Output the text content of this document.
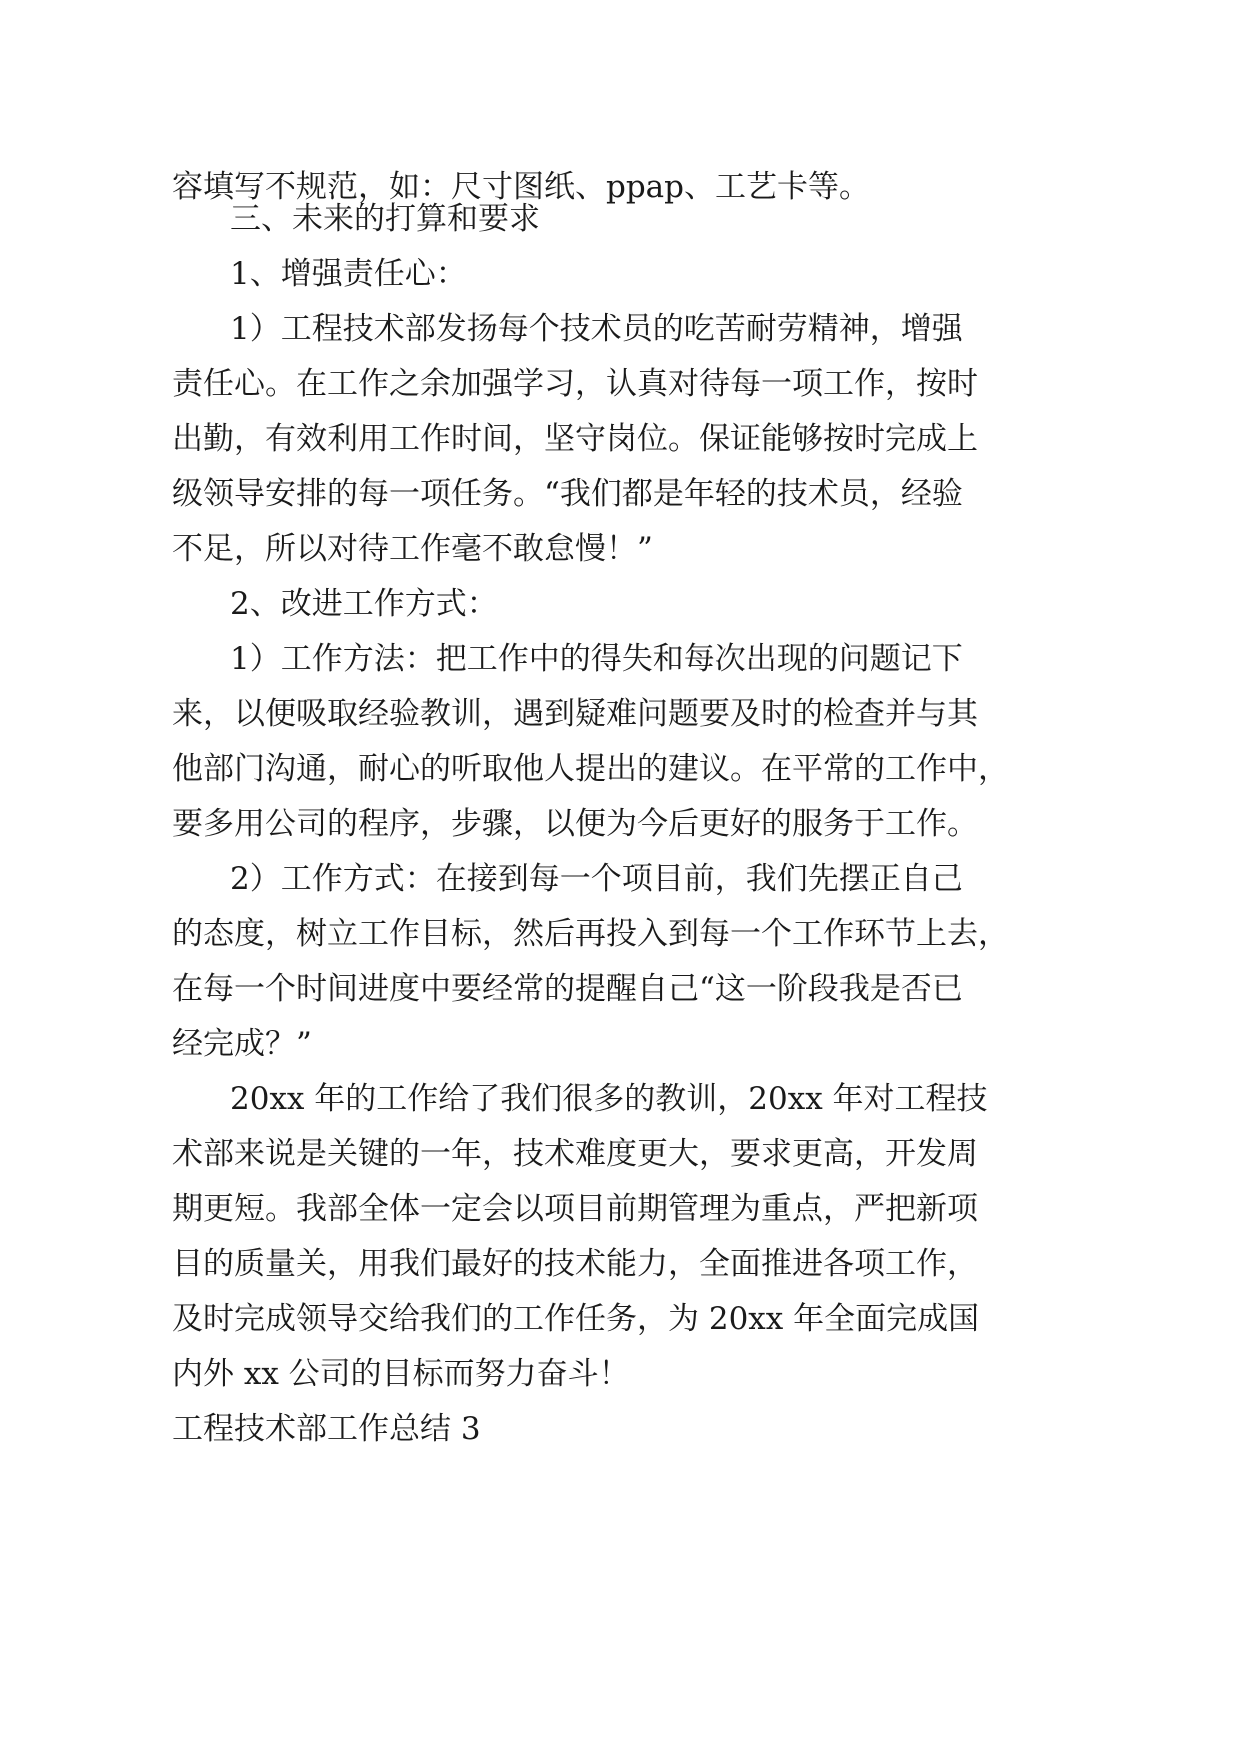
容填写不规范，如：尺寸图纸、ppap、工艺卡等。
三、未来的打算和要求
1、增强责任心：
1）工程技术部发扬每个技术员的吃苦耐劳精神，增强
责任心。在工作之余加强学习，认真对待每一项工作，按时
出勤，有效利用工作时间，坚守岗位。保证能够按时完成上
级领导安排的每一项任务。“我们都是年轻的技术员，经验
不足，所以对待工作毫不敢怠慢！”
2、改进工作方式：
1）工作方法：把工作中的得失和每次出现的问题记下
来，以便吸取经验教训，遇到疑难问题要及时的检查并与其
他部门沟通，耐心的听取他人提出的建议。在平常的工作中，
要多用公司的程序，步骤，以便为今后更好的服务于工作。
2）工作方式：在接到每一个项目前，我们先摆正自己
的态度，树立工作目标，然后再投入到每一个工作环节上去，
在每一个时间进度中要经常的提醒自己“这一阶段我是否已
经完成？”
20xx 年的工作给了我们很多的教训，20xx 年对工程技
术部来说是关键的一年，技术难度更大，要求更高，开发周
期更短。我部全体一定会以项目前期管理为重点，严把新项
目的质量关，用我们最好的技术能力，全面推进各项工作，
及时完成领导交给我们的工作任务，为 20xx 年全面完成国
内外 xx 公司的目标而努力奋斗！
工程技术部工作总结 3
